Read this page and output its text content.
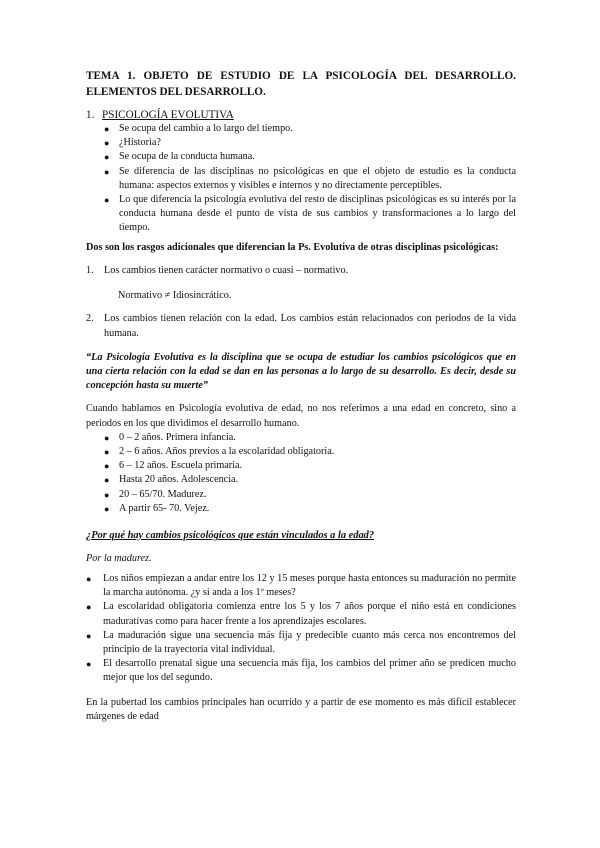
TEMA 1. OBJETO DE ESTUDIO DE LA PSICOLOGÍA DEL DESARROLLO. ELEMENTOS DEL DESARROLLO.

1. PSICOLOGÍA EVOLUTIVA

● Se ocupa del cambio a lo largo del tiempo.
● ¿Historia?
● Se ocupa de la conducta humana.
● Se diferencia de las disciplinas no psicológicas en que el objeto de estudio es la conducta humana: aspectos externos y visibles e internos y no directamente perceptibles.
● Lo que diferencia la psicología evolutiva del resto de disciplinas psicológicas es su interés por la conducta humana desde el punto de vista de sus cambios y transformaciones a lo largo del tiempo.

Dos son los rasgos adicionales que diferencian la Ps. Evolutiva de otras disciplinas psicológicas:

1. Los cambios tienen carácter normativo o cuasi – normativo.

Normativo ≠ Idiosincrático.

2. Los cambios tienen relación con la edad. Los cambios están relacionados con periodos de la vida humana.

“La Psicología Evolutiva es la disciplina que se ocupa de estudiar los cambios psicológicos que en una cierta relación con la edad se dan en las personas a lo largo de su desarrollo. Es decir, desde su concepción hasta su muerte”

Cuando hablamos en Psicología evolutiva de edad, no nos referimos a una edad en concreto, sino a periodos en los que dividimos el desarrollo humano.

● 0 – 2 años. Primera infancia.
● 2 – 6 años. Años previos a la escolaridad obligatoria.
● 6 – 12 años. Escuela primaria.
● Hasta 20 años. Adolescencia.
● 20 – 65/70. Madurez.
● A partir 65- 70. Vejez.

¿Por qué hay cambios psicológicos que están vinculados a la edad?

Por la madurez.

● Los niños empiezan a andar entre los 12 y 15 meses porque hasta entonces su maduración no permite la marcha autónoma. ¿y si anda a los 1º meses?
● La escolaridad obligatoria comienza entre los 5 y los 7 años porque el niño está en condiciones maduratívas como para hacer frente a los aprendizajes escolares.
● La maduración sigue una secuencia más fija y predecible cuanto más cerca nos encontremos del principio de la trayectoria vital individual.
● El desarrollo prenatal sigue una secuencia más fija, los cambios del primer año se predicen mucho mejor que los del segundo.

En la pubertad los cambios principales han ocurrido y a partir de ese momento es más difícil establecer márgenes de edad
